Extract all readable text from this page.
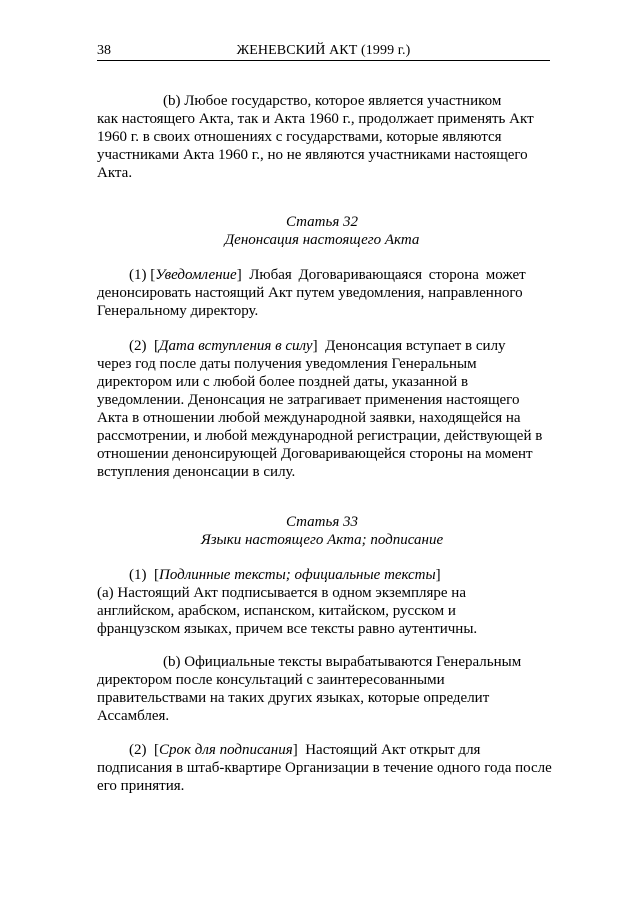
38	ЖЕНЕВСКИЙ АКТ (1999 г.)
(b) Любое государство, которое является участником
как настоящего Акта, так и Акта 1960 г., продолжает применять Акт
1960 г. в своих отношениях с государствами, которые являются
участниками Акта 1960 г., но не являются участниками настоящего
Акта.
Статья 32
Денонсация настоящего Акта
(1) [Уведомление]  Любая Договаривающаяся сторона может
денонсировать настоящий Акт путем уведомления, направленного
Генеральному директору.
(2)  [Дата вступления в силу]  Денонсация вступает в силу
через год после даты получения уведомления Генеральным
директором или с любой более поздней даты, указанной в
уведомлении. Денонсация не затрагивает применения настоящего
Акта в отношении любой международной заявки, находящейся на
рассмотрении, и любой международной регистрации, действующей в
отношении денонсирующей Договаривающейся стороны на момент
вступления денонсации в силу.
Статья 33
Языки настоящего Акта; подписание
(1)  [Подлинные тексты; официальные тексты]
(a) Настоящий Акт подписывается в одном экземпляре на
английском, арабском, испанском, китайском, русском и
французском языках, причем все тексты равно аутентичны.
(b) Официальные тексты вырабатываются Генеральным
директором после консультаций с заинтересованными
правительствами на таких других языках, которые определит
Ассамблея.
(2)  [Срок для подписания]  Настоящий Акт открыт для
подписания в штаб-квартире Организации в течение одного года после
его принятия.
